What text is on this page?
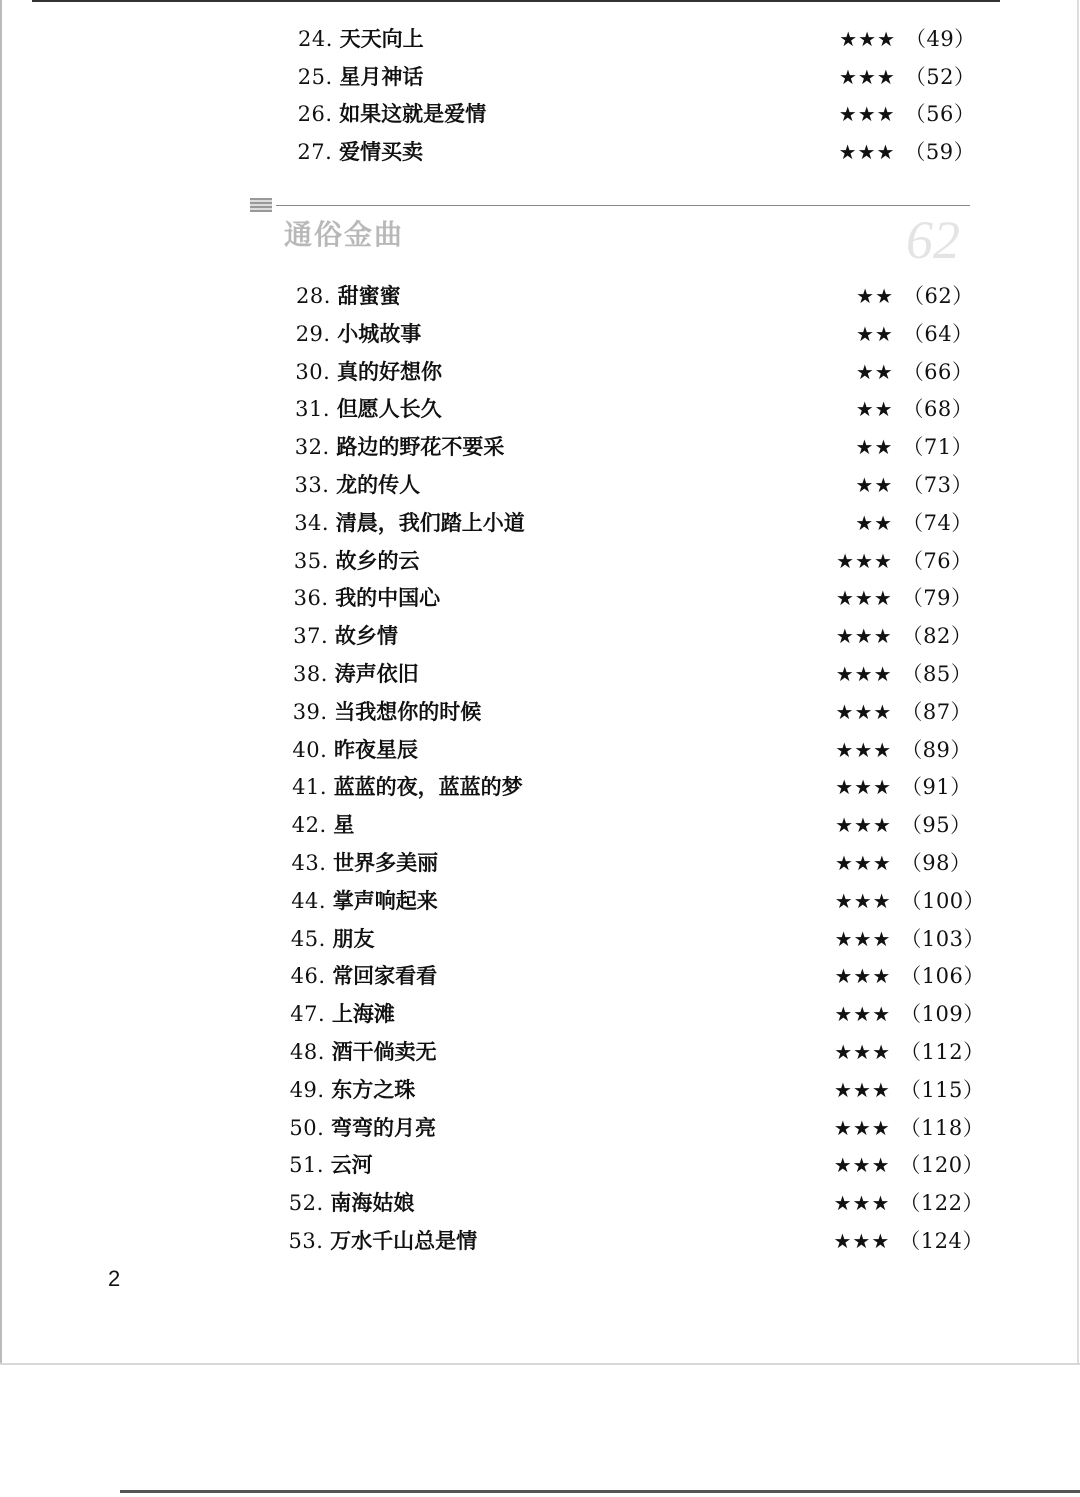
24. 天天向上	★★★ （49）
25. 星月神话	★★★ （52）
26. 如果这就是爱情	★★★ （56）
27. 爱情买卖	★★★ （59）
28. 甜蜜蜜	★★ （62）
29. 小城故事	★★ （64）
30. 真的好想你	★★ （66）
31. 但愿人长久	★★ （68）
32. 路边的野花不要采	★★ （71）
33. 龙的传人	★★ （73）
34. 清晨，我们踏上小道	★★ （74）
35. 故乡的云	★★★ （76）
36. 我的中国心	★★★ （79）
37. 故乡情	★★★ （82）
38. 涛声依旧	★★★ （85）
39. 当我想你的时候	★★★ （87）
40. 昨夜星辰	★★★ （89）
41. 蓝蓝的夜，蓝蓝的梦	★★★ （91）
42. 星	★★★ （95）
43. 世界多美丽	★★★ （98）
44. 掌声响起来	★★★ （100）
45. 朋友	★★★ （103）
46. 常回家看看	★★★ （106）
47. 上海滩	★★★ （109）
48. 酒干倘卖无	★★★ （112）
49. 东方之珠	★★★ （115）
50. 弯弯的月亮	★★★ （118）
51. 云河	★★★ （120）
52. 南海姑娘	★★★ （122）
53. 万水千山总是情	★★★ （124）
通俗金曲	62
2
